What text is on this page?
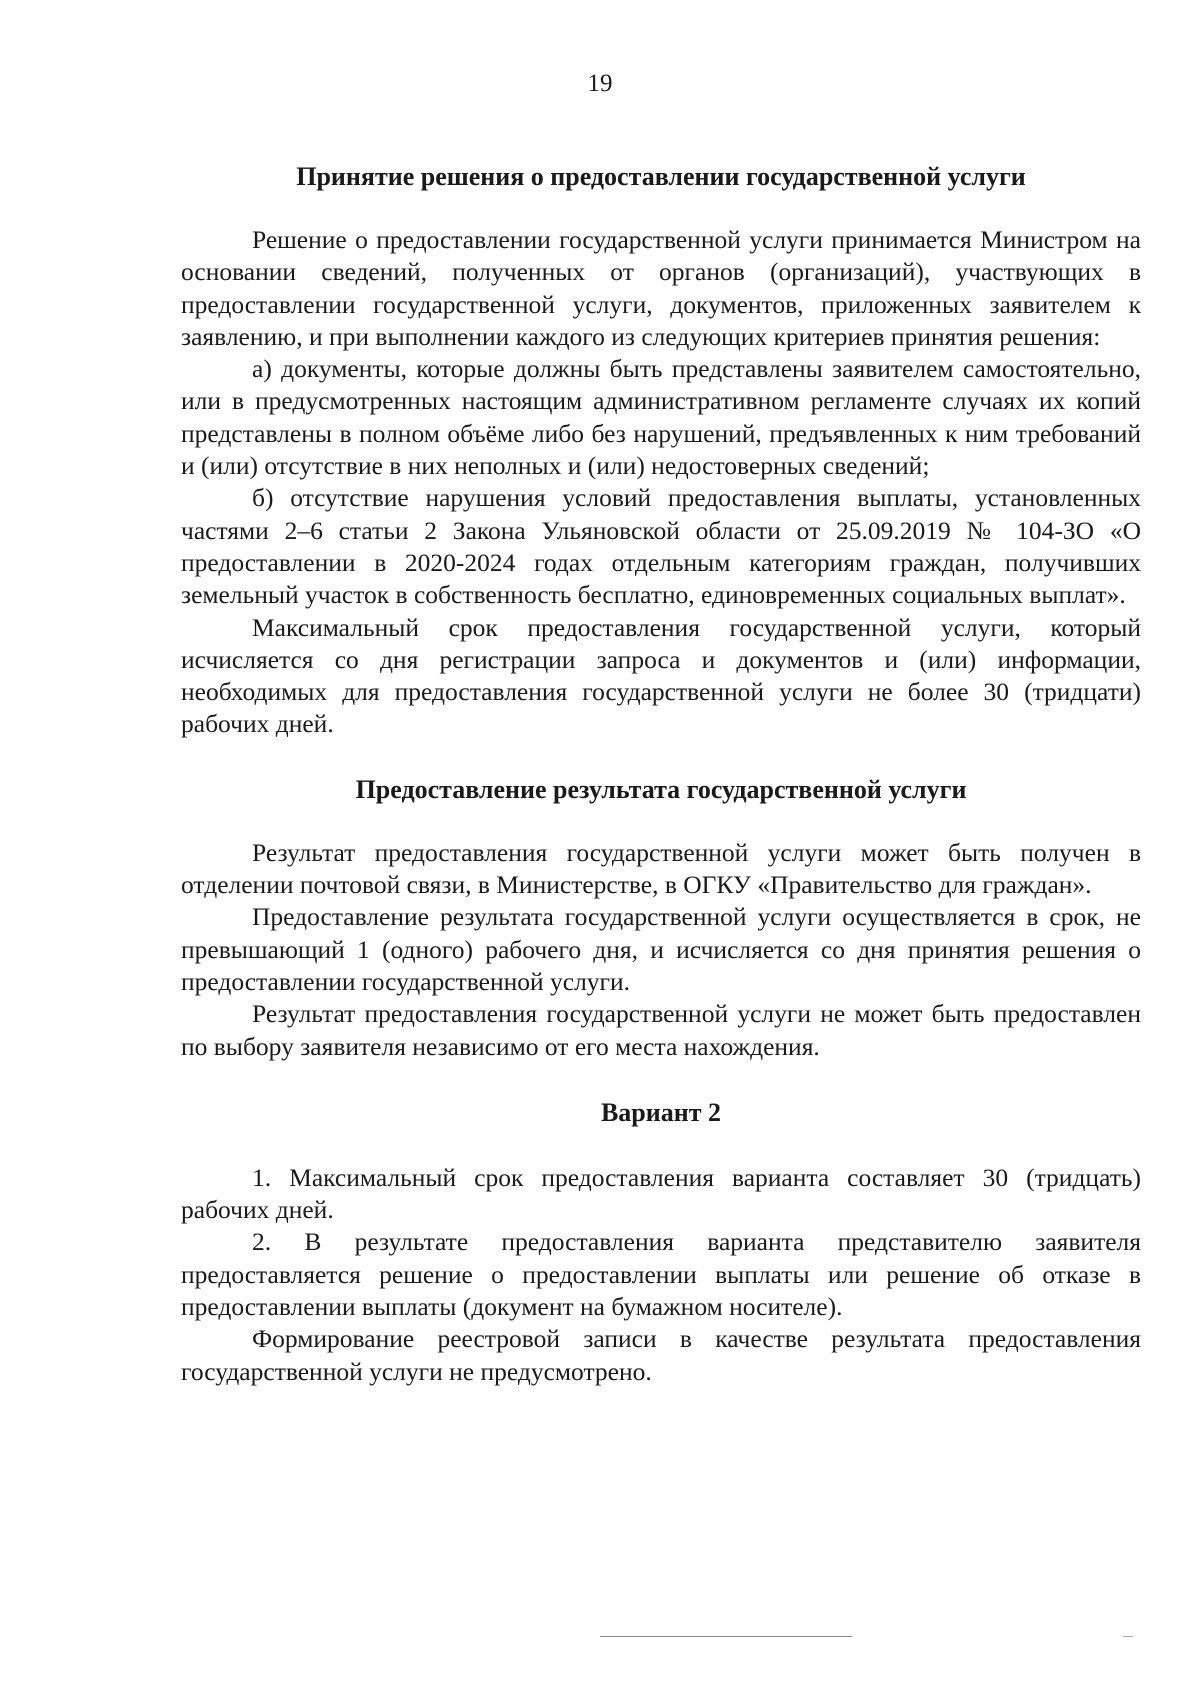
19
Принятие решения о предоставлении государственной услуги

Решение о предоставлении государственной услуги принимается Министром на основании сведений, полученных от органов (организаций), участвующих в предоставлении государственной услуги, документов, приложенных заявителем к заявлению, и при выполнении каждого из следующих критериев принятия решения:

а) документы, которые должны быть представлены заявителем самостоятельно, или в предусмотренных настоящим административном регламенте случаях их копий представлены в полном объёме либо без нарушений, предъявленных к ним требований и (или) отсутствие в них неполных и (или) недостоверных сведений;

б) отсутствие нарушения условий предоставления выплаты, установленных частями 2–6 статьи 2 Закона Ульяновской области от 25.09.2019 № 104-ЗО «О предоставлении в 2020-2024 годах отдельным категориям граждан, получивших земельный участок в собственность бесплатно, единовременных социальных выплат».

Максимальный срок предоставления государственной услуги, который исчисляется со дня регистрации запроса и документов и (или) информации, необходимых для предоставления государственной услуги не более 30 (тридцати) рабочих дней.

Предоставление результата государственной услуги

Результат предоставления государственной услуги может быть получен в отделении почтовой связи, в Министерстве, в ОГКУ «Правительство для граждан».

Предоставление результата государственной услуги осуществляется в срок, не превышающий 1 (одного) рабочего дня, и исчисляется со дня принятия решения о предоставлении государственной услуги.

Результат предоставления государственной услуги не может быть предоставлен по выбору заявителя независимо от его места нахождения.

Вариант 2

1. Максимальный срок предоставления варианта составляет 30 (тридцать) рабочих дней.

2. В результате предоставления варианта представителю заявителя предоставляется решение о предоставлении выплаты или решение об отказе в предоставлении выплаты (документ на бумажном носителе).

Формирование реестровой записи в качестве результата предоставления государственной услуги не предусмотрено.
